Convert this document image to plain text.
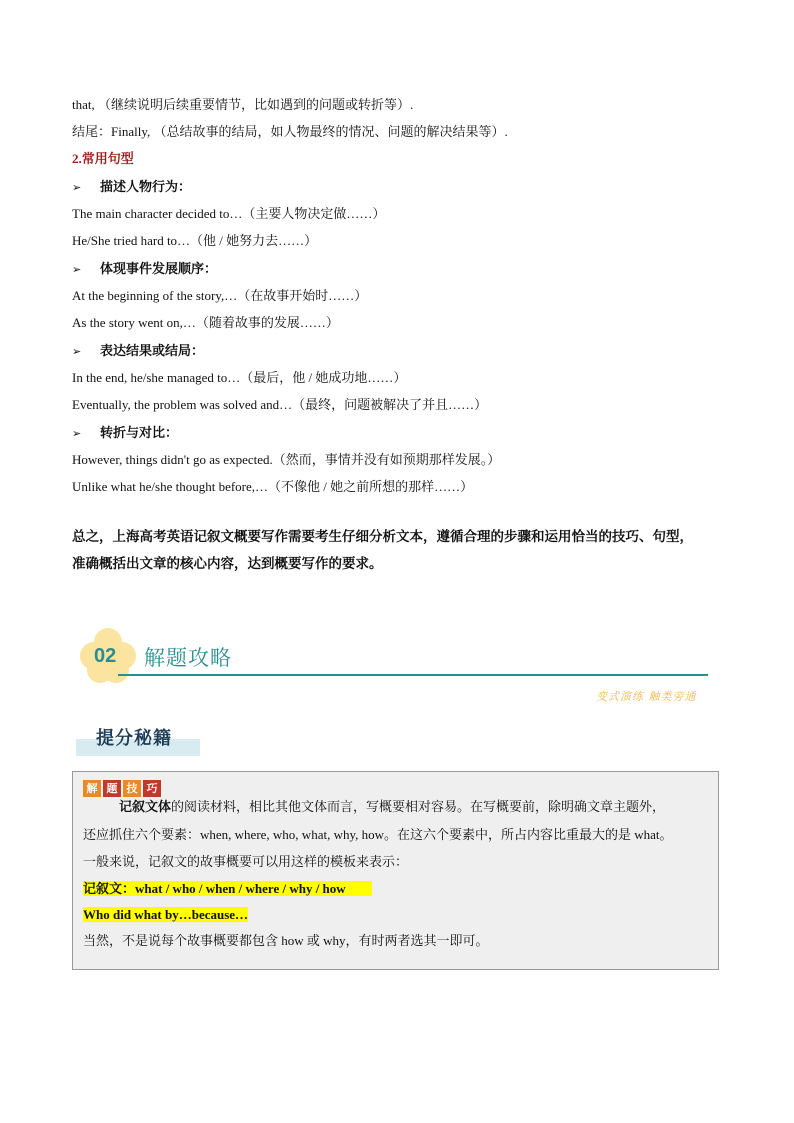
that, （继续说明后续重要情节，比如遇到的问题或转折等）.
结尾：Finally, （总结故事的结局，如人物最终的情况、问题的解决结果等）.
2.常用句型
➢ 描述人物行为：
The main character decided to…（主要人物决定做……）
He/She tried hard to…（他 / 她努力去……）
➢ 体现事件发展顺序：
At the beginning of the story,…（在故事开始时……）
As the story went on,…（随着故事的发展……）
➢ 表达结果或结局：
In the end, he/she managed to…（最后，他 / 她成功地……）
Eventually, the problem was solved and…（最终，问题被解决了并且……）
➢ 转折与对比：
However, things didn't go as expected.（然而，事情并没有如预期那样发展。）
Unlike what he/she thought before,…（不像他 / 她之前所想的那样……）
总之，上海高考英语记叙文概要写作需要考生仔细分析文本，遵循合理的步骤和运用恰当的技巧、句型，
准确概括出文章的核心内容，达到概要写作的要求。
02 解题攻略
变式演练 触类旁通
提分秘籍
解 题 技 巧
记叙文体的阅读材料，相比其他文体而言，写概要相对容易。在写概要前，除明确文章主题外，
还应抓住六个要素：when, where, who, what, why, how。在这六个要素中，所占内容比重最大的是 what。
一般来说，记叙文的故事概要可以用这样的模板来表示：
记叙文：what / who / when / where / why / how
Who did what by…because…
当然，不是说每个故事概要都包含 how 或 why，有时两者选其一即可。
